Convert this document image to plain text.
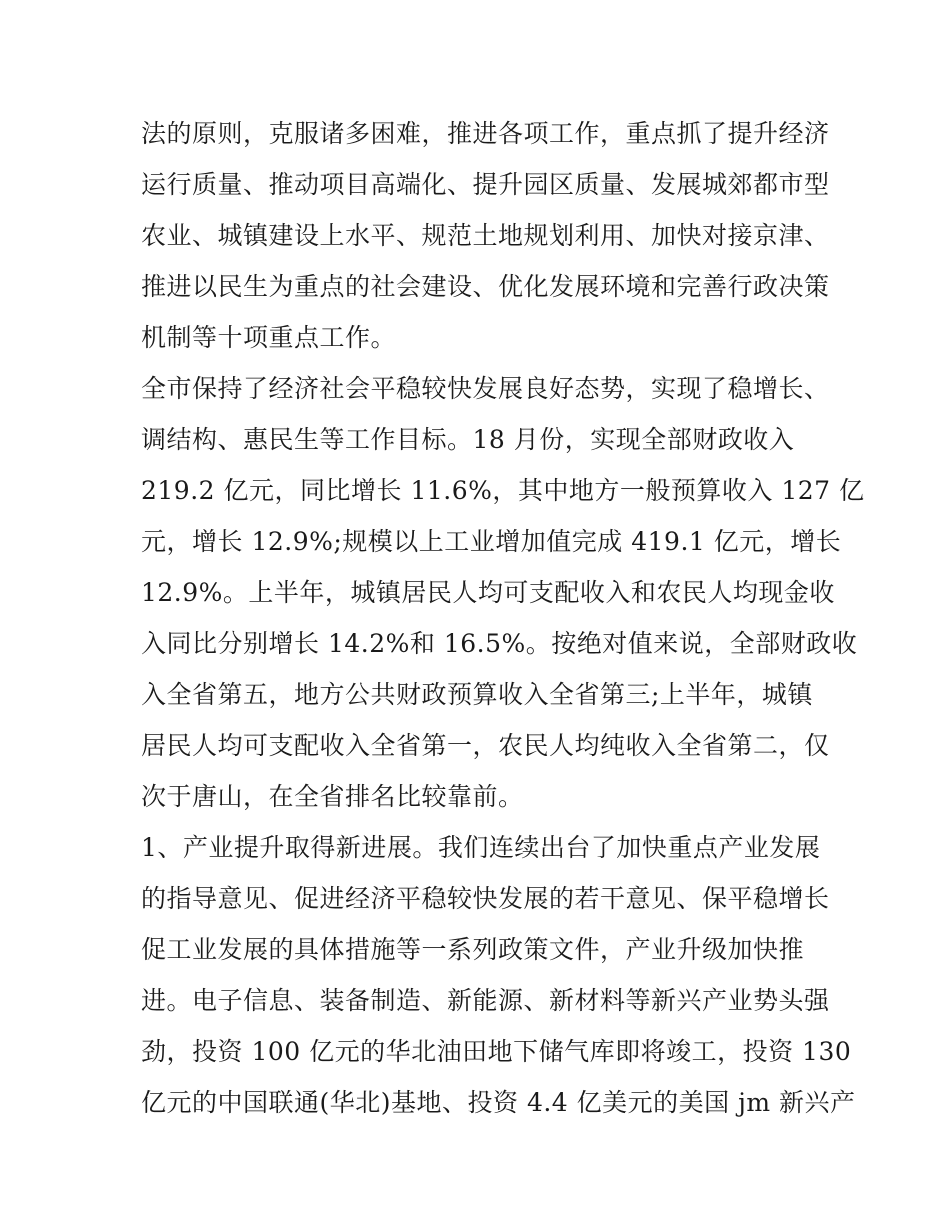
法的原则，克服诸多困难，推进各项工作，重点抓了提升经济
运行质量、推动项目高端化、提升园区质量、发展城郊都市型
农业、城镇建设上水平、规范土地规划利用、加快对接京津、
推进以民生为重点的社会建设、优化发展环境和完善行政决策
机制等十项重点工作。
全市保持了经济社会平稳较快发展良好态势，实现了稳增长、
调结构、惠民生等工作目标。18 月份，实现全部财政收入
219.2 亿元，同比增长 11.6%，其中地方一般预算收入 127 亿
元，增长 12.9%;规模以上工业增加值完成 419.1 亿元，增长
12.9%。上半年，城镇居民人均可支配收入和农民人均现金收
入同比分别增长 14.2%和 16.5%。按绝对值来说，全部财政收
入全省第五，地方公共财政预算收入全省第三;上半年，城镇
居民人均可支配收入全省第一，农民人均纯收入全省第二，仅
次于唐山，在全省排名比较靠前。
1、产业提升取得新进展。我们连续出台了加快重点产业发展
的指导意见、促进经济平稳较快发展的若干意见、保平稳增长
促工业发展的具体措施等一系列政策文件，产业升级加快推
进。电子信息、装备制造、新能源、新材料等新兴产业势头强
劲，投资 100 亿元的华北油田地下储气库即将竣工，投资 130
亿元的中国联通(华北)基地、投资 4.4 亿美元的美国 jm 新兴产
